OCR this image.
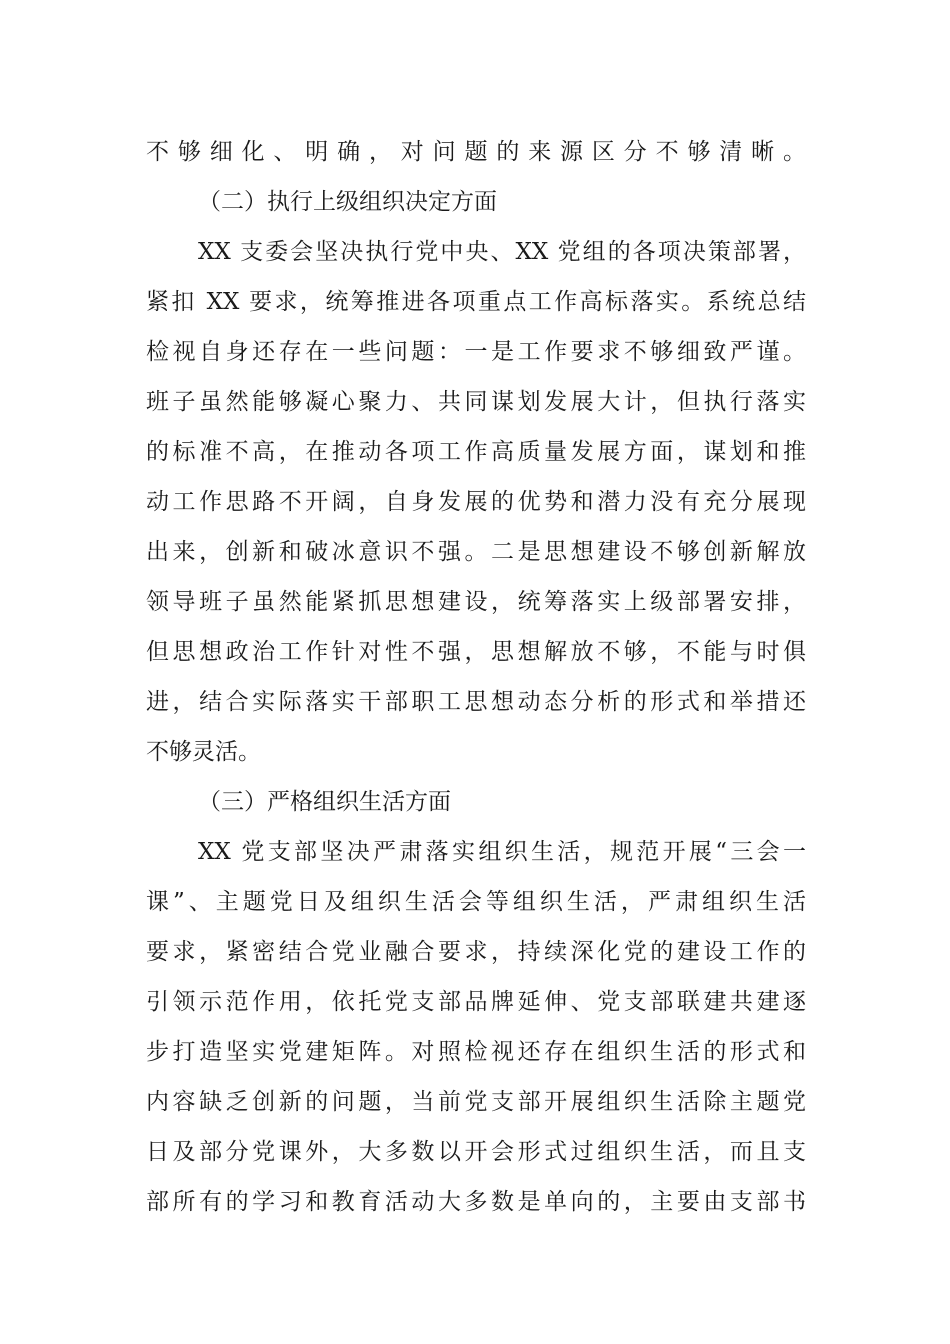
不够细化、明确，对问题的来源区分不够清晰。
（二）执行上级组织决定方面
XX 支委会坚决执行党中央、XX 党组的各项决策部署，
紧扣 XX 要求，统筹推进各项重点工作高标落实。系统总结
检视自身还存在一些问题：一是工作要求不够细致严谨。
班子虽然能够凝心聚力、共同谋划发展大计，但执行落实
的标准不高，在推动各项工作高质量发展方面，谋划和推
动工作思路不开阔，自身发展的优势和潜力没有充分展现
出来，创新和破冰意识不强。二是思想建设不够创新解放
领导班子虽然能紧抓思想建设，统筹落实上级部署安排，
但思想政治工作针对性不强，思想解放不够，不能与时俱
进，结合实际落实干部职工思想动态分析的形式和举措还
不够灵活。
（三）严格组织生活方面
XX 党支部坚决严肃落实组织生活，规范开展“三会一
课”、主题党日及组织生活会等组织生活，严肃组织生活
要求，紧密结合党业融合要求，持续深化党的建设工作的
引领示范作用，依托党支部品牌延伸、党支部联建共建逐
步打造坚实党建矩阵。对照检视还存在组织生活的形式和
内容缺乏创新的问题，当前党支部开展组织生活除主题党
日及部分党课外，大多数以开会形式过组织生活，而且支
部所有的学习和教育活动大多数是单向的，主要由支部书
